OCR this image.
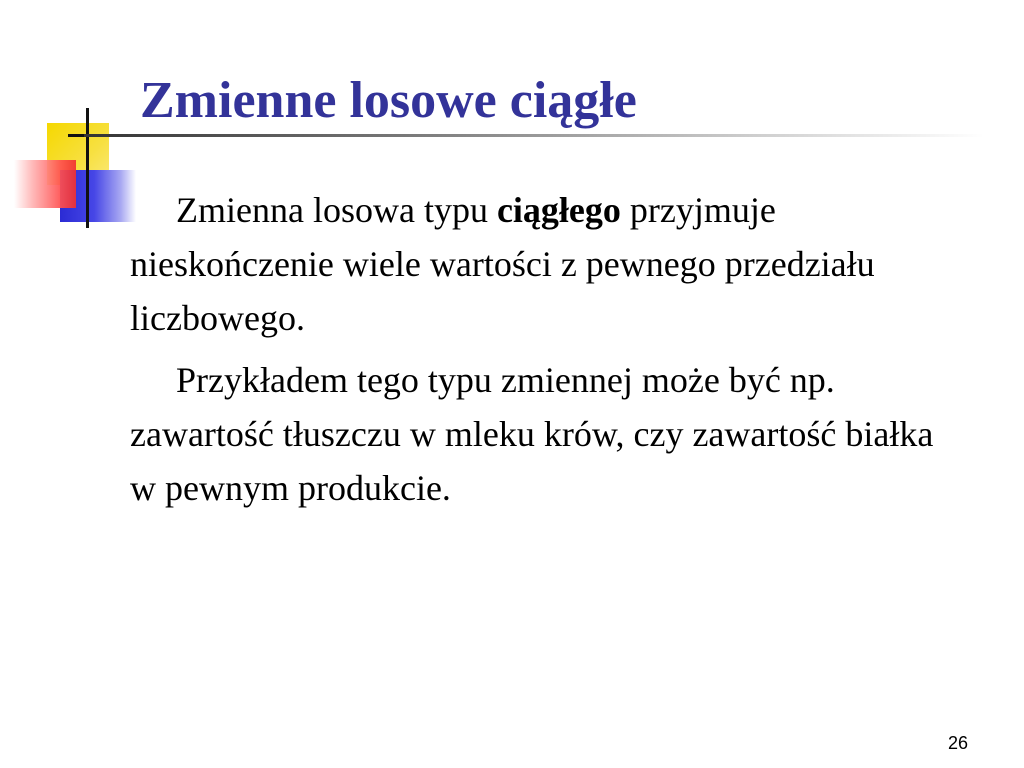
Zmienne losowe ciągłe

Zmienna losowa typu ciągłego przyjmuje nieskończenie wiele wartości z pewnego przedziału liczbowego.

Przykładem tego typu zmiennej może być np. zawartość tłuszczu w mleku krów, czy zawartość białka w pewnym produkcie.

26
